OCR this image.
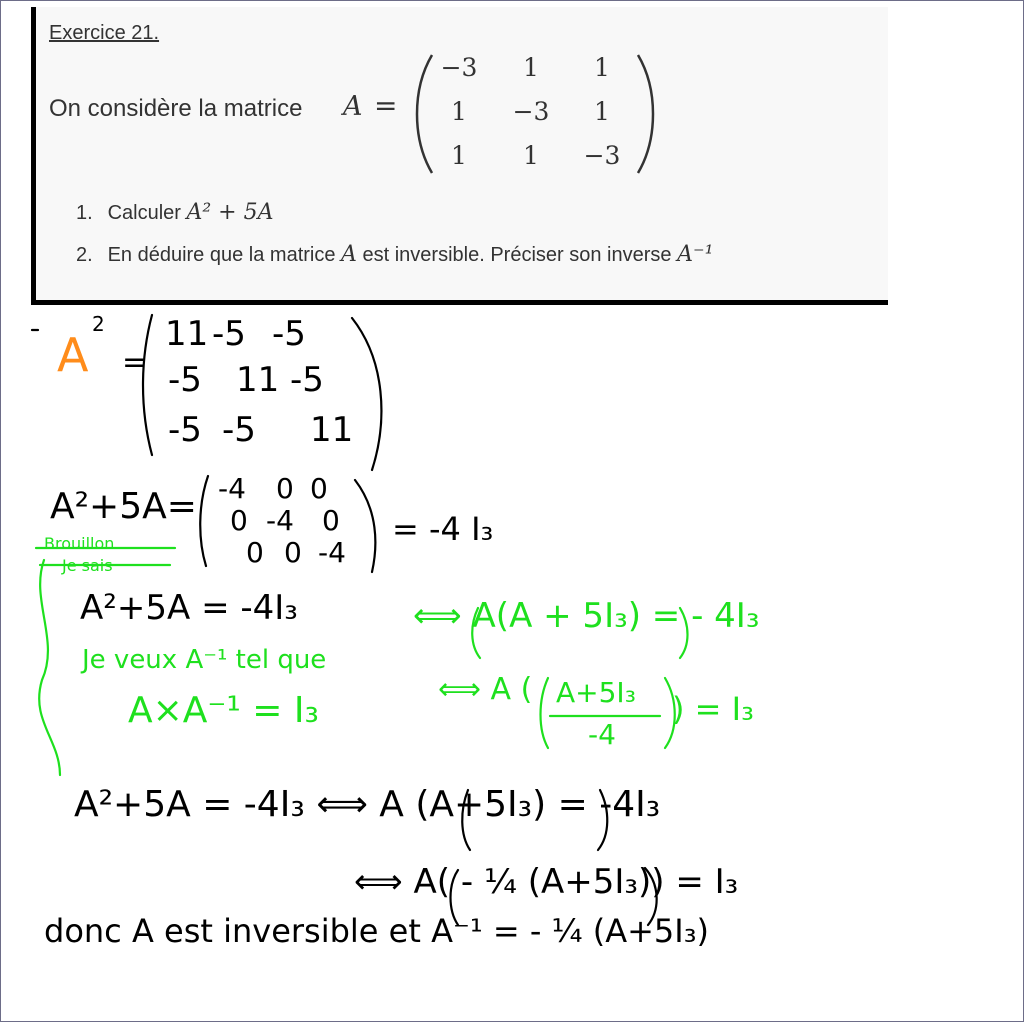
Exercice 21.
On considère la matrice A =
−3	1	1
1	−3	1
1	1	−3
1. Calculer A² + 5A
2. En déduire que la matrice A est inversible. Préciser son inverse A⁻¹
A
2
=
11 -5 -5
-5 11 -5
-5 -5 11
A²+5A= -4 0 0
0 -4 0
0 0 -4
= -4 I₃
Brouillon
Je sais
A²+5A = -4I₃	⟺ A(A + 5I₃) = - 4I₃
Je veux A⁻¹ tel que
⟺ A ( A+5I₃
-4
) = I₃
A×A⁻¹ = I₃
A²+5A = -4I₃ ⟺ A (A+5I₃) = -4I₃
⟺ A( - ¼ (A+5I₃)) = I₃
donc A est inversible et A⁻¹ = - ¼ (A+5I₃)
